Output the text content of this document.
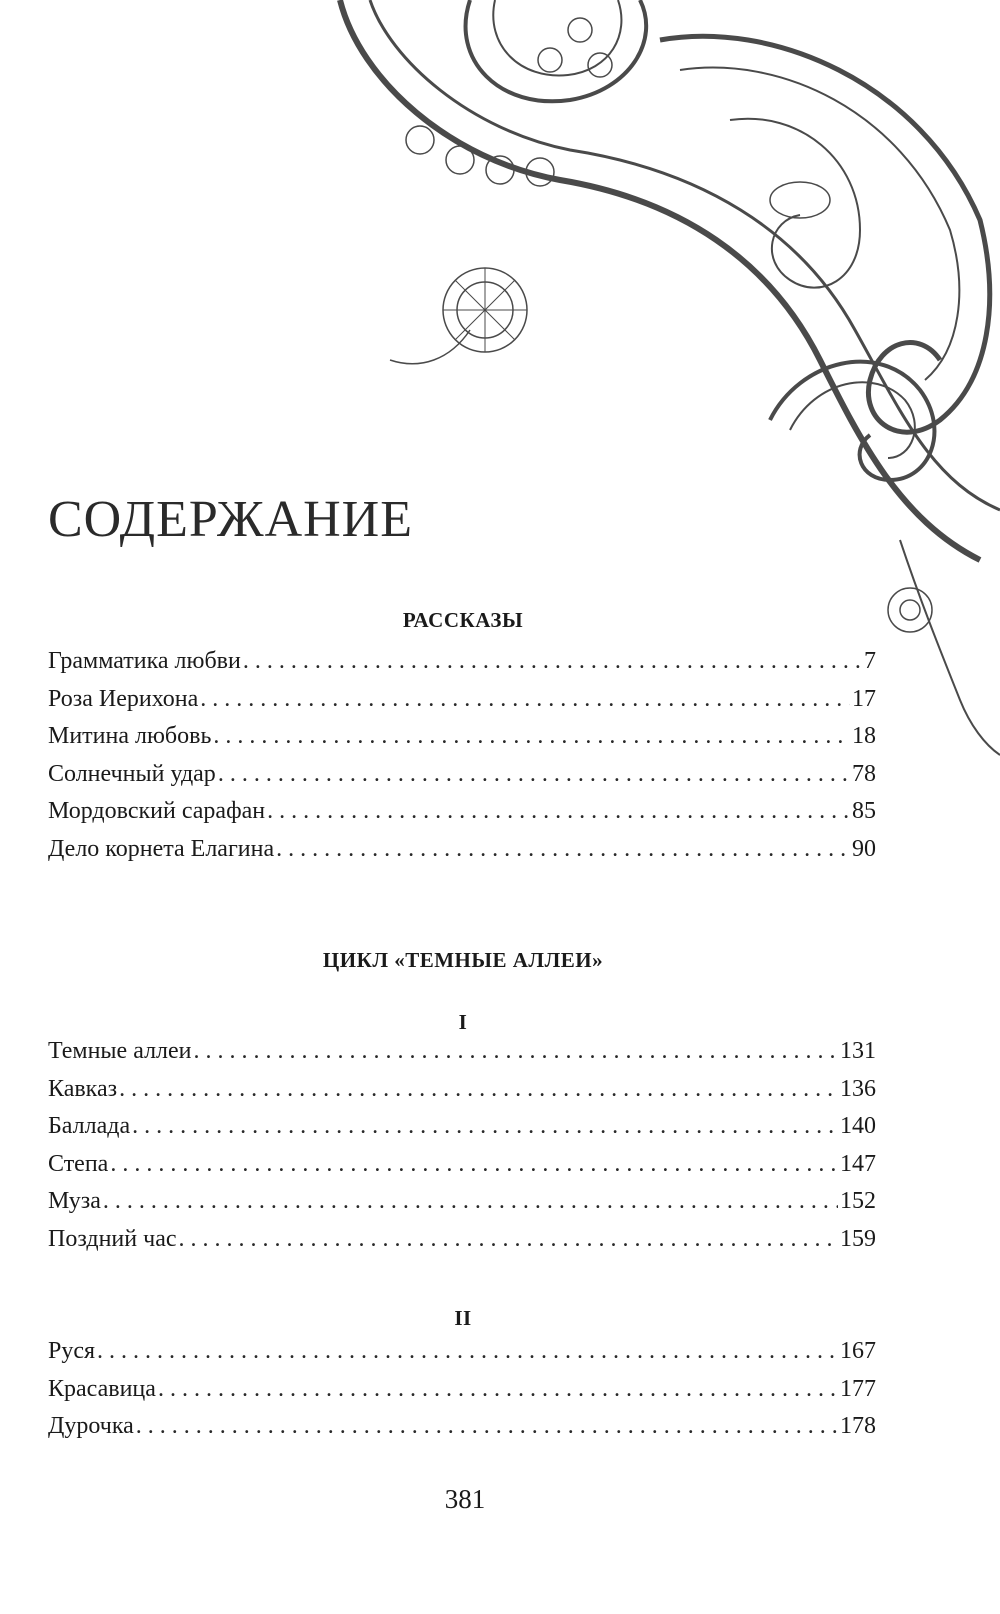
СОДЕРЖАНИЕ
РАССКАЗЫ
Грамматика любви . . .	7
Роза Иерихона . . .	17
Митина любовь . . .	18
Солнечный удар . . .	78
Мордовский сарафан . . .	85
Дело корнета Елагина . . .	90
ЦИКЛ «ТЕМНЫЕ АЛЛЕИ»
I
Темные аллеи . . .	131
Кавказ . . .	136
Баллада . . .	140
Степа . . .	147
Муза . . .	152
Поздний час . . .	159
II
Руся . . .	167
Красавица . . .	177
Дурочка . . .	178
381
